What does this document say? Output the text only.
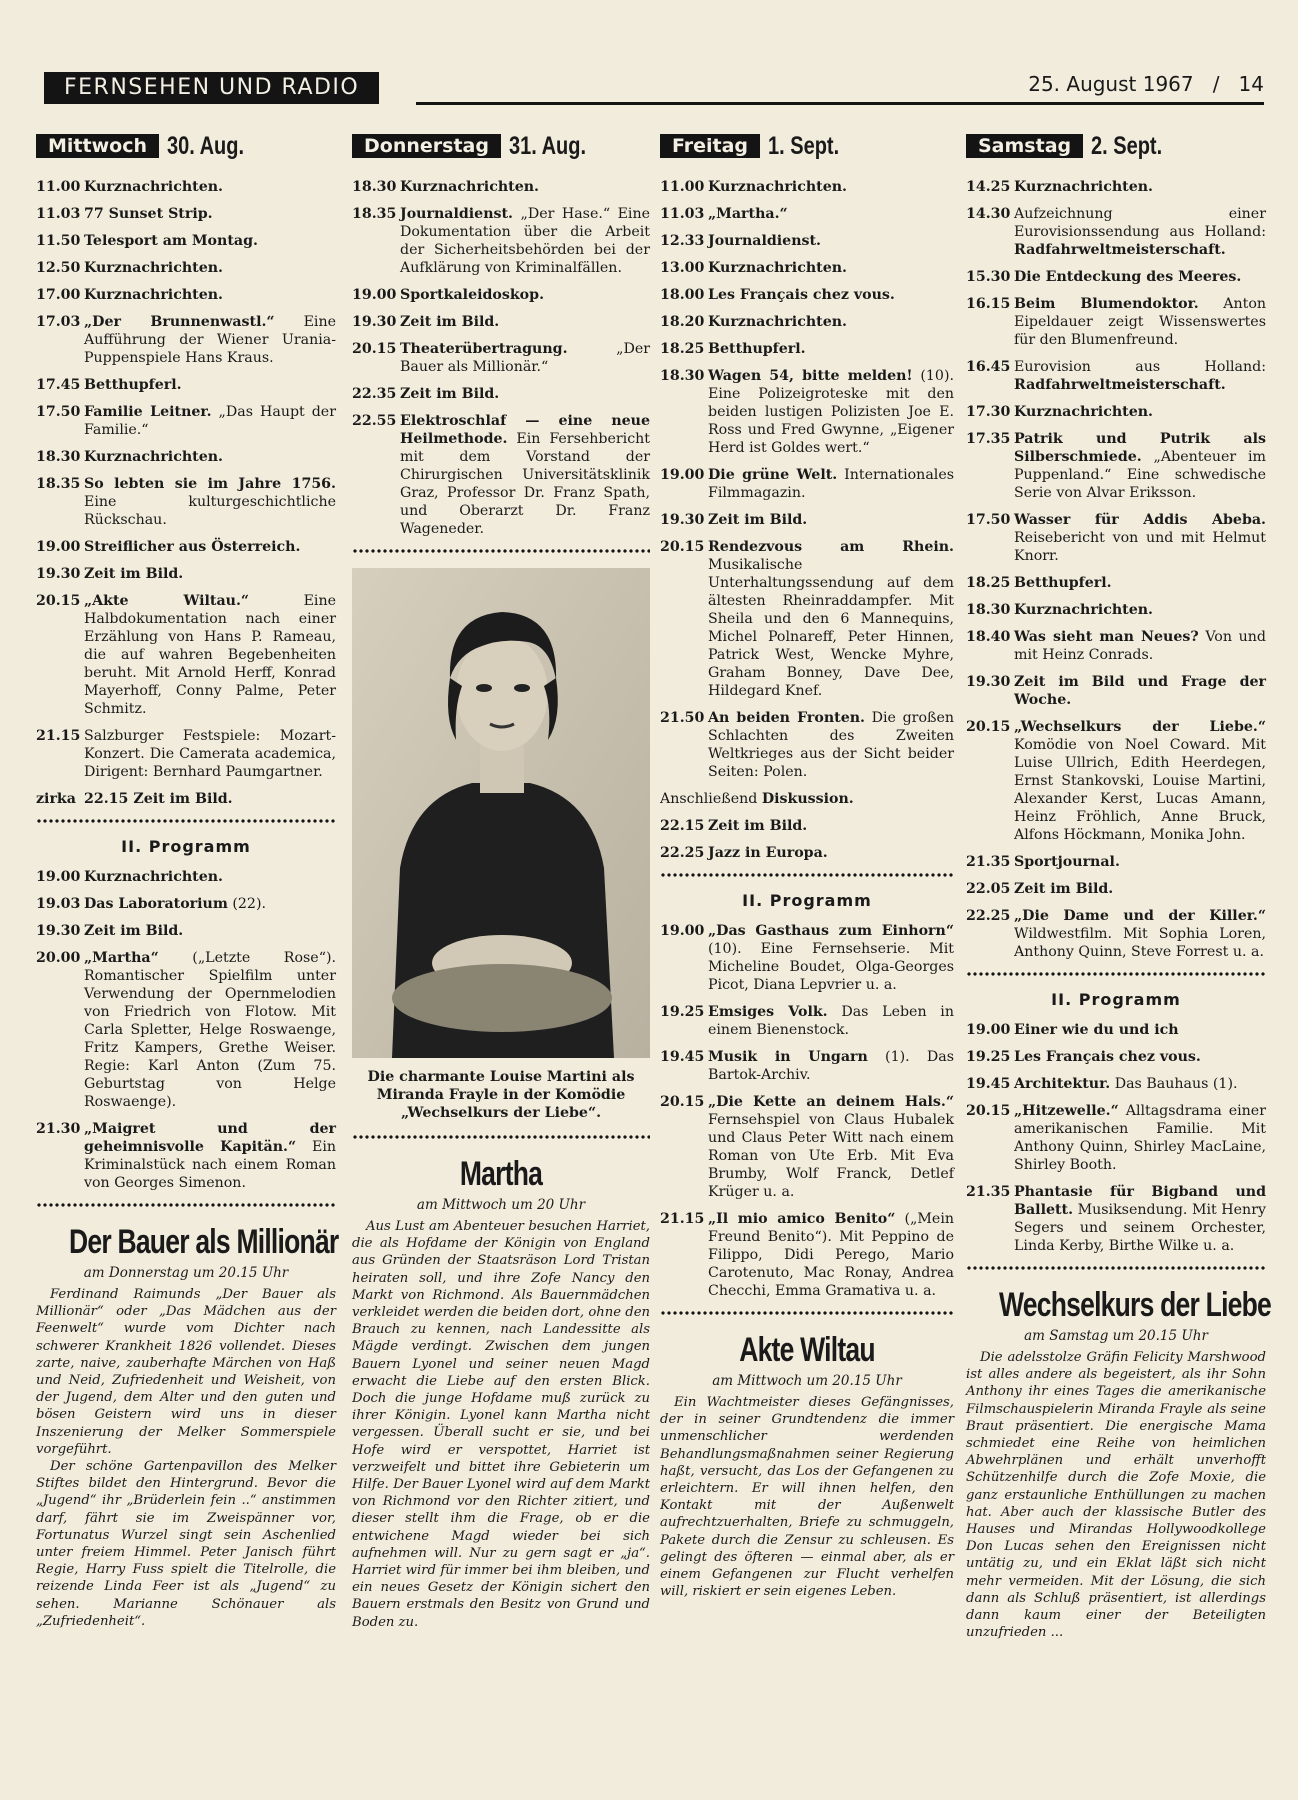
FERNSEHEN UND RADIO	25. August 1967 / 14
Mittwoch 30. Aug.
11.00 Kurznachrichten.
11.03 77 Sunset Strip.
11.50 Telesport am Montag.
12.50 Kurznachrichten.
17.00 Kurznachrichten.
17.03 „Der Brunnenwastl.“ Eine Aufführung der Wiener Urania-Puppenspiele Hans Kraus.
17.45 Betthupferl.
17.50 Familie Leitner. „Das Haupt der Familie.“
18.30 Kurznachrichten.
18.35 So lebten sie im Jahre 1756. Eine kulturgeschichtliche Rückschau.
19.00 Streiflicher aus Österreich.
19.30 Zeit im Bild.
20.15 „Akte Wiltau.“ Eine Halbdokumentation nach einer Erzählung von Hans P. Rameau, die auf wahren Begebenheiten beruht. Mit Arnold Herff, Konrad Mayerhoff, Conny Palme, Peter Schmitz.
21.15 Salzburger Festspiele: Mozart-Konzert. Die Camerata academica, Dirigent: Bernhard Paumgartner.
zirka 22.15 Zeit im Bild.
II. Programm
19.00 Kurznachrichten.
19.03 Das Laboratorium (22).
19.30 Zeit im Bild.
20.00 „Martha“ („Letzte Rose“). Romantischer Spielfilm unter Verwendung der Opernmelodien von Friedrich von Flotow. Mit Carla Spletter, Helge Roswaenge, Fritz Kampers, Grethe Weiser. Regie: Karl Anton (Zum 75. Geburtstag von Helge Roswaenge).
21.30 „Maigret und der geheimnisvolle Kapitän.“ Ein Kriminalstück nach einem Roman von Georges Simenon.
Der Bauer als Millionär
am Donnerstag um 20.15 Uhr

Ferdinand Raimunds „Der Bauer als Millionär“ oder „Das Mädchen aus der Feenwelt“ wurde vom Dichter nach schwerer Krankheit 1826 vollendet. Dieses zarte, naive, zauberhafte Märchen von Haß und Neid, Zufriedenheit und Weisheit, von der Jugend, dem Alter und den guten und bösen Geistern wird uns in dieser Inszenierung der Melker Sommerspiele vorgeführt.

Der schöne Gartenpavillon des Melker Stiftes bildet den Hintergrund. Bevor die „Jugend“ ihr „Brüderlein fein ..“ anstimmen darf, fährt sie im Zweispänner vor, Fortunatus Wurzel singt sein Aschenlied unter freiem Himmel. Peter Janisch führt Regie, Harry Fuss spielt die Titelrolle, die reizende Linda Feer ist als „Jugend“ zu sehen. Marianne Schönauer als „Zufriedenheit“.

Donnerstag 31. Aug.
18.30 Kurznachrichten.
18.35 Journaldienst. „Der Hase.“ Eine Dokumentation über die Arbeit der Sicherheitsbehörden bei der Aufklärung von Kriminalfällen.
19.00 Sportkaleidoskop.
19.30 Zeit im Bild.
20.15 Theaterübertragung. „Der Bauer als Millionär.“
22.35 Zeit im Bild.
22.55 Elektroschlaf — eine neue Heilmethode. Ein Fersehbericht mit dem Vorstand der Chirurgischen Universitätsklinik Graz, Professor Dr. Franz Spath, und Oberarzt Dr. Franz Wageneder.
Die charmante Louise Martini als Miranda Frayle in der Komödie „Wechselkurs der Liebe“.
Martha
am Mittwoch um 20 Uhr

Aus Lust am Abenteuer besuchen Harriet, die als Hofdame der Königin von England aus Gründen der Staatsräson Lord Tristan heiraten soll, und ihre Zofe Nancy den Markt von Richmond. Als Bauernmädchen verkleidet werden die beiden dort, ohne den Brauch zu kennen, nach Landessitte als Mägde verdingt. Zwischen dem jungen Bauern Lyonel und seiner neuen Magd erwacht die Liebe auf den ersten Blick. Doch die junge Hofdame muß zurück zu ihrer Königin. Lyonel kann Martha nicht vergessen. Überall sucht er sie, und bei Hofe wird er verspottet, Harriet ist verzweifelt und bittet ihre Gebieterin um Hilfe. Der Bauer Lyonel wird auf dem Markt von Richmond vor den Richter zitiert, und dieser stellt ihm die Frage, ob er die entwichene Magd wieder bei sich aufnehmen will. Nur zu gern sagt er „ja“. Harriet wird für immer bei ihm bleiben, und ein neues Gesetz der Königin sichert den Bauern erstmals den Besitz von Grund und Boden zu.

Freitag 1. Sept.
11.00 Kurznachrichten.
11.03 „Martha.“
12.33 Journaldienst.
13.00 Kurznachrichten.
18.00 Les Français chez vous.
18.20 Kurznachrichten.
18.25 Betthupferl.
18.30 Wagen 54, bitte melden! (10). Eine Polizeigroteske mit den beiden lustigen Polizisten Joe E. Ross und Fred Gwynne, „Eigener Herd ist Goldes wert.“
19.00 Die grüne Welt. Internationales Filmmagazin.
19.30 Zeit im Bild.
20.15 Rendezvous am Rhein. Musikalische Unterhaltungssendung auf dem ältesten Rheinraddampfer. Mit Sheila und den 6 Mannequins, Michel Polnareff, Peter Hinnen, Patrick West, Wencke Myhre, Graham Bonney, Dave Dee, Hildegard Knef.
21.50 An beiden Fronten. Die großen Schlachten des Zweiten Weltkrieges aus der Sicht beider Seiten: Polen.
Anschließend Diskussion.
22.15 Zeit im Bild.
22.25 Jazz in Europa.
II. Programm
19.00 „Das Gasthaus zum Einhorn“ (10). Eine Fernsehserie. Mit Micheline Boudet, Olga-Georges Picot, Diana Lepvrier u. a.
19.25 Emsiges Volk. Das Leben in einem Bienenstock.
19.45 Musik in Ungarn (1). Das Bartok-Archiv.
20.15 „Die Kette an deinem Hals.“ Fernsehspiel von Claus Hubalek und Claus Peter Witt nach einem Roman von Ute Erb. Mit Eva Brumby, Wolf Franck, Detlef Krüger u. a.
21.15 „Il mio amico Benito“ („Mein Freund Benito“). Mit Peppino de Filippo, Didi Perego, Mario Carotenuto, Mac Ronay, Andrea Checchi, Emma Gramativa u. a.
Akte Wiltau
am Mittwoch um 20.15 Uhr

Ein Wachtmeister dieses Gefängnisses, der in seiner Grundtendenz die immer unmenschlicher werdenden Behandlungsmaßnahmen seiner Regierung haßt, versucht, das Los der Gefangenen zu erleichtern. Er will ihnen helfen, den Kontakt mit der Außenwelt aufrechtzuerhalten, Briefe zu schmuggeln, Pakete durch die Zensur zu schleusen. Es gelingt des öfteren — einmal aber, als er einem Gefangenen zur Flucht verhelfen will, riskiert er sein eigenes Leben.

Samstag 2. Sept.
14.25 Kurznachrichten.
14.30 Aufzeichnung einer Eurovisionssendung aus Holland: Radfahrweltmeisterschaft.
15.30 Die Entdeckung des Meeres.
16.15 Beim Blumendoktor. Anton Eipeldauer zeigt Wissenswertes für den Blumenfreund.
16.45 Eurovision aus Holland: Radfahrweltmeisterschaft.
17.30 Kurznachrichten.
17.35 Patrik und Putrik als Silberschmiede. „Abenteuer im Puppenland.“ Eine schwedische Serie von Alvar Eriksson.
17.50 Wasser für Addis Abeba. Reisebericht von und mit Helmut Knorr.
18.25 Betthupferl.
18.30 Kurznachrichten.
18.40 Was sieht man Neues? Von und mit Heinz Conrads.
19.30 Zeit im Bild und Frage der Woche.
20.15 „Wechselkurs der Liebe.“ Komödie von Noel Coward. Mit Luise Ullrich, Edith Heerdegen, Ernst Stankovski, Louise Martini, Alexander Kerst, Lucas Amann, Heinz Fröhlich, Anne Bruck, Alfons Höckmann, Monika John.
21.35 Sportjournal.
22.05 Zeit im Bild.
22.25 „Die Dame und der Killer.“ Wildwestfilm. Mit Sophia Loren, Anthony Quinn, Steve Forrest u. a.
II. Programm
19.00 Einer wie du und ich
19.25 Les Français chez vous.
19.45 Architektur. Das Bauhaus (1).
20.15 „Hitzewelle.“ Alltagsdrama einer amerikanischen Familie. Mit Anthony Quinn, Shirley MacLaine, Shirley Booth.
21.35 Phantasie für Bigband und Ballett. Musiksendung. Mit Henry Segers und seinem Orchester, Linda Kerby, Birthe Wilke u. a.
Wechselkurs der Liebe
am Samstag um 20.15 Uhr

Die adelsstolze Gräfin Felicity Marshwood ist alles andere als begeistert, als ihr Sohn Anthony ihr eines Tages die amerikanische Filmschauspielerin Miranda Frayle als seine Braut präsentiert. Die energische Mama schmiedet eine Reihe von heimlichen Abwehrplänen und erhält unverhofft Schützenhilfe durch die Zofe Moxie, die ganz erstaunliche Enthüllungen zu machen hat. Aber auch der klassische Butler des Hauses und Mirandas Hollywoodkollege Don Lucas sehen den Ereignissen nicht untätig zu, und ein Eklat läßt sich nicht mehr vermeiden. Mit der Lösung, die sich dann als Schluß präsentiert, ist allerdings dann kaum einer der Beteiligten unzufrieden ...
